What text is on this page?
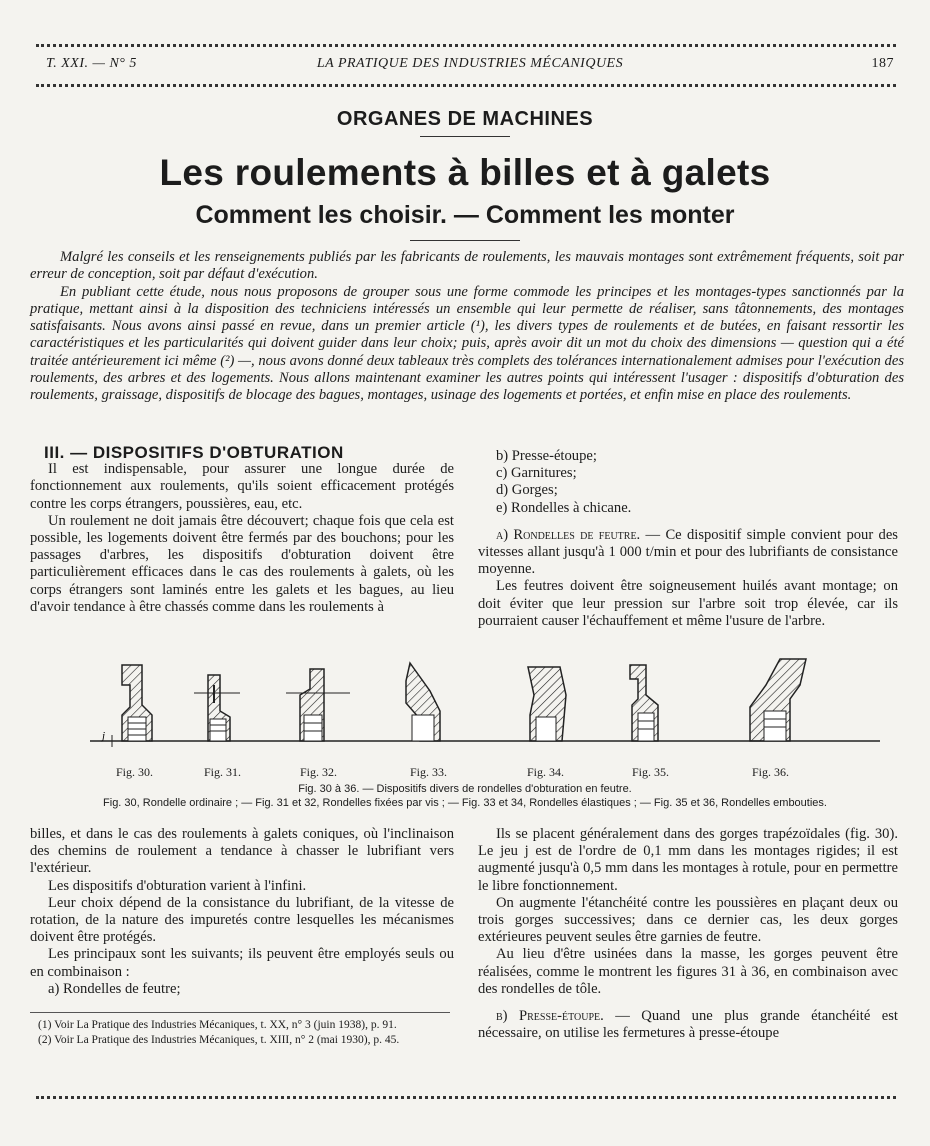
T. XXI. — N° 5	LA PRATIQUE DES INDUSTRIES MÉCANIQUES	187
ORGANES DE MACHINES
Les roulements à billes et à galets
Comment les choisir. — Comment les monter

Malgré les conseils et les renseignements publiés par les fabricants de roulements, les mauvais montages sont extrêmement fréquents, soit par erreur de conception, soit par défaut d'exécution.

En publiant cette étude, nous nous proposons de grouper sous une forme commode les principes et les montages-types sanctionnés par la pratique, mettant ainsi à la disposition des techniciens intéressés un ensemble qui leur permette de réaliser, sans tâtonnements, des montages satisfaisants. Nous avons ainsi passé en revue, dans un premier article (¹), les divers types de roulements et de butées, en faisant ressortir les caractéristiques et les particularités qui doivent guider dans leur choix; puis, après avoir dit un mot du choix des dimensions — question qui a été traitée antérieurement ici même (²) —, nous avons donné deux tableaux très complets des tolérances internationalement admises pour l'exécution des roulements, des arbres et des logements. Nous allons maintenant examiner les autres points qui intéressent l'usager : dispositifs d'obturation des roulements, graissage, dispositifs de blocage des bagues, montages, usinage des logements et portées, et enfin mise en place des roulements.

III. — DISPOSITIFS D'OBTURATION

Il est indispensable, pour assurer une longue durée de fonctionnement aux roulements, qu'ils soient efficacement protégés contre les corps étrangers, poussières, eau, etc.

Un roulement ne doit jamais être découvert; chaque fois que cela est possible, les logements doivent être fermés par des bouchons; pour les passages d'arbres, les dispositifs d'obturation doivent être particulièrement efficaces dans le cas des roulements à galets, où les corps étrangers sont laminés entre les galets et les bagues, au lieu d'avoir tendance à être chassés comme dans les roulements à

b) Presse-étoupe;

c) Garnitures;

d) Gorges;

e) Rondelles à chicane.

a) Rondelles de feutre. — Ce dispositif simple convient pour des vitesses allant jusqu'à 1 000 t/min et pour des lubrifiants de consistance moyenne.

Les feutres doivent être soigneusement huilés avant montage; on doit éviter que leur pression sur l'arbre soit trop élevée, car ils pourraient causer l'échauffement et même l'usure de l'arbre.

j
Fig. 30.	Fig. 31.	Fig. 32.	Fig. 33.	Fig. 34.	Fig. 35.	Fig. 36.
Fig. 30 à 36. — Dispositifs divers de rondelles d'obturation en feutre.
Fig. 30, Rondelle ordinaire ; — Fig. 31 et 32, Rondelles fixées par vis ; — Fig. 33 et 34, Rondelles élastiques ; — Fig. 35 et 36, Rondelles embouties.

billes, et dans le cas des roulements à galets coniques, où l'inclinaison des chemins de roulement a tendance à chasser le lubrifiant vers l'extérieur.

Les dispositifs d'obturation varient à l'infini.

Leur choix dépend de la consistance du lubrifiant, de la vitesse de rotation, de la nature des impuretés contre lesquelles les mécanismes doivent être protégés.

Les principaux sont les suivants; ils peuvent être employés seuls ou en combinaison :

a) Rondelles de feutre;

(1) Voir La Pratique des Industries Mécaniques, t. XX, n° 3 (juin 1938), p. 91.

(2) Voir La Pratique des Industries Mécaniques, t. XIII, n° 2 (mai 1930), p. 45.

Ils se placent généralement dans des gorges trapézoïdales (fig. 30). Le jeu j est de l'ordre de 0,1 mm dans les montages rigides; il est augmenté jusqu'à 0,5 mm dans les montages à rotule, pour en permettre le libre fonctionnement.

On augmente l'étanchéité contre les poussières en plaçant deux ou trois gorges successives; dans ce dernier cas, les deux gorges extérieures peuvent seules être garnies de feutre.

Au lieu d'être usinées dans la masse, les gorges peuvent être réalisées, comme le montrent les figures 31 à 36, en combinaison avec des rondelles de tôle.

b) Presse-étoupe. — Quand une plus grande étanchéité est nécessaire, on utilise les fermetures à presse-étoupe
